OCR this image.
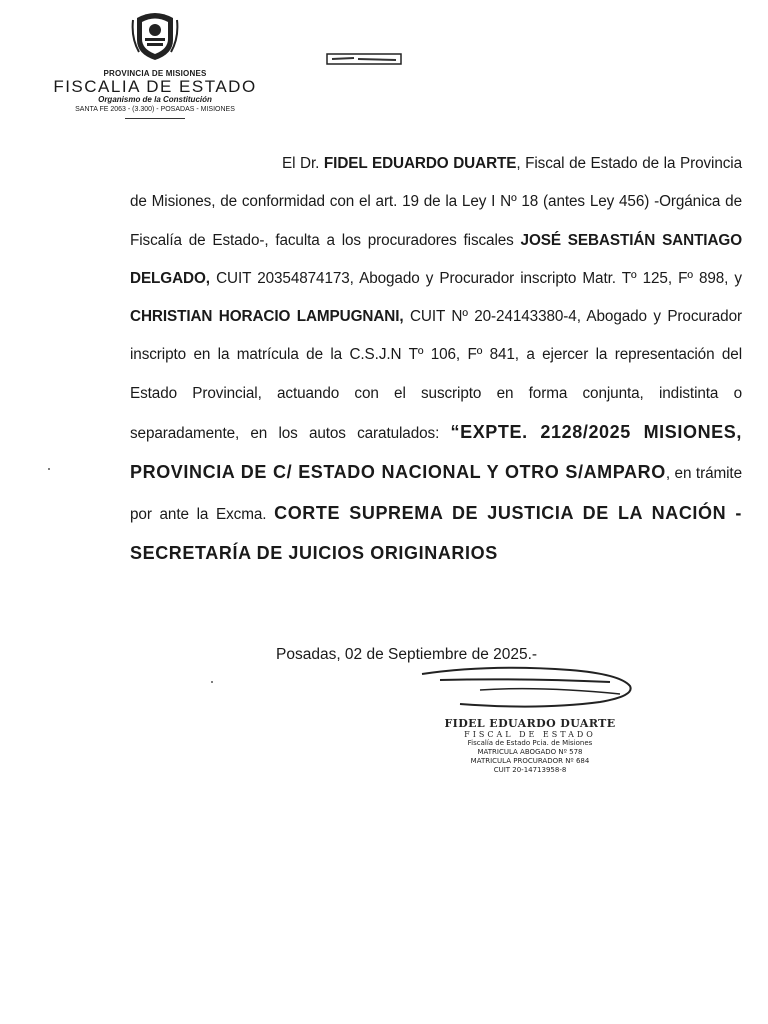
PROVINCIA DE MISIONES
FISCALIA DE ESTADO
Organismo de la Constitución
SANTA FE 2063 - (3.300) - POSADAS - MISIONES

El Dr. FIDEL EDUARDO DUARTE, Fiscal de Estado de la Provincia de Misiones, de conformidad con el art. 19 de la Ley I Nº 18 (antes Ley 456) -Orgánica de Fiscalía de Estado-, faculta a los procuradores fiscales JOSÉ SEBASTIÁN SANTIAGO DELGADO, CUIT 20354874173, Abogado y Procurador inscripto Matr. Tº 125, Fº 898, y CHRISTIAN HORACIO LAMPUGNANI, CUIT Nº 20-24143380-4, Abogado y Procurador inscripto en la matrícula de la C.S.J.N Tº 106, Fº 841, a ejercer la representación del Estado Provincial, actuando con el suscripto en forma conjunta, indistinta o separadamente, en los autos caratulados: “EXPTE. 2128/2025 MISIONES, PROVINCIA DE C/ ESTADO NACIONAL Y OTRO S/AMPARO, en trámite por ante la Excma. CORTE SUPREMA DE JUSTICIA DE LA NACIÓN - SECRETARÍA DE JUICIOS ORIGINARIOS

Posadas, 02 de Septiembre de 2025.-
FIDEL EDUARDO DUARTE
FISCAL DE ESTADO
Fiscalía de Estado Pcia. de Misiones
MATRICULA ABOGADO Nº 578
MATRICULA PROCURADOR Nº 684
CUIT 20-14713958-8
